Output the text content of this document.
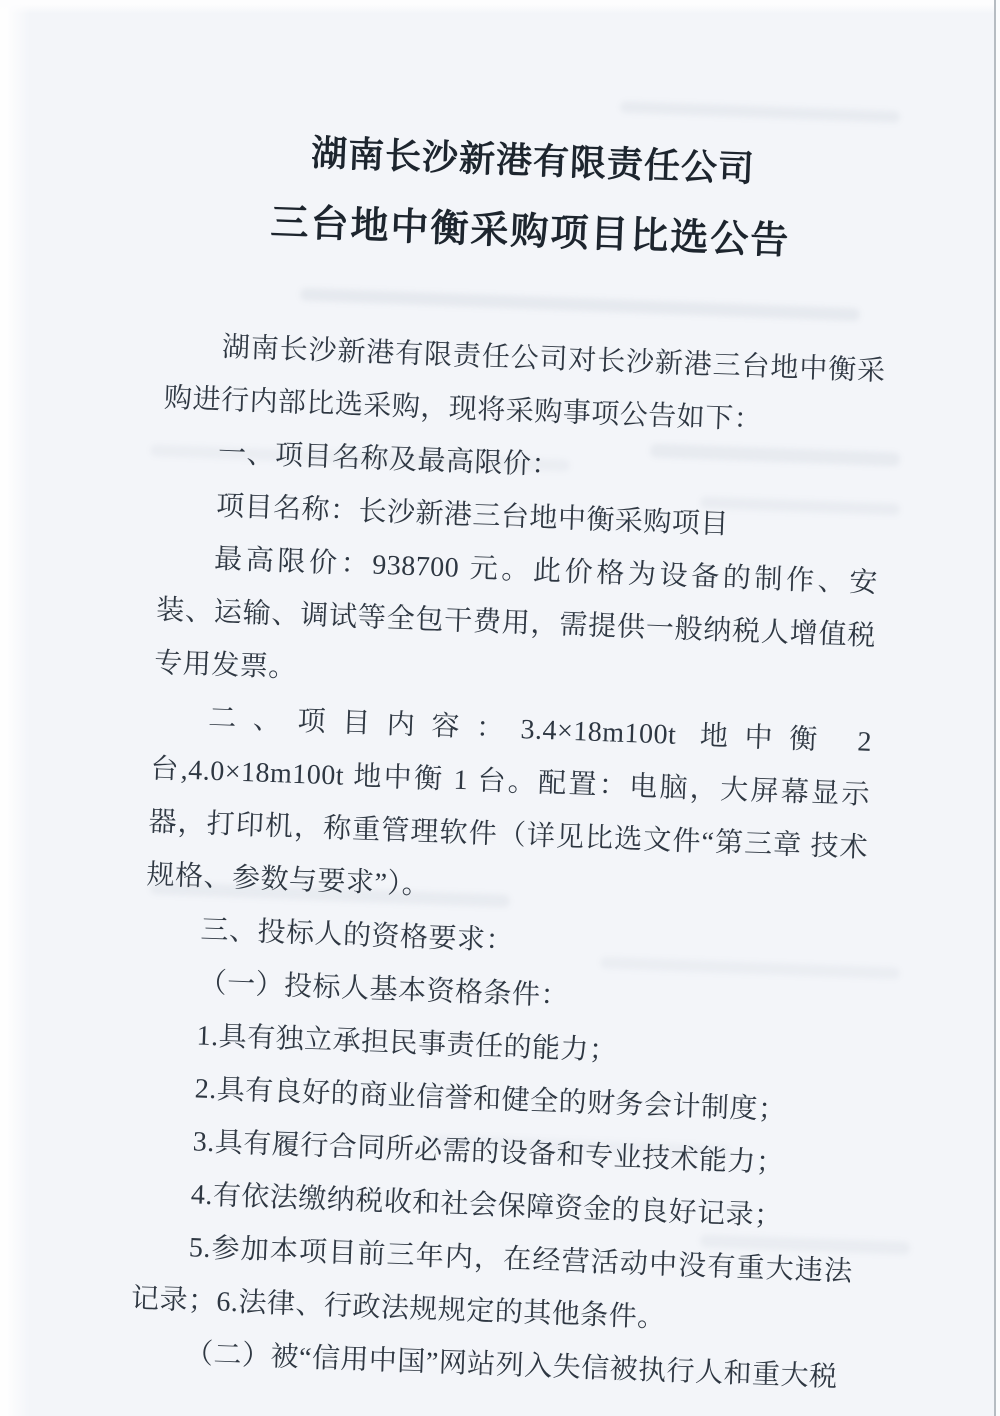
湖南长沙新港有限责任公司
三台地中衡采购项目比选公告

湖南长沙新港有限责任公司对长沙新港三台地中衡采购进行内部比选采购，现将采购事项公告如下：

一、项目名称及最高限价：

项目名称：长沙新港三台地中衡采购项目

最高限价：938700 元。此价格为设备的制作、安装、运输、调试等全包干费用，需提供一般纳税人增值税专用发票。

二、项目内容：3.4×18m100t 地中衡 2 台,4.0×18m100t 地中衡 1 台。配置：电脑，大屏幕显示器，打印机，称重管理软件（详见比选文件“第三章 技术规格、参数与要求”）。

三、投标人的资格要求：

（一）投标人基本资格条件：

1.具有独立承担民事责任的能力；

2.具有良好的商业信誉和健全的财务会计制度；

3.具有履行合同所必需的设备和专业技术能力；

4.有依法缴纳税收和社会保障资金的良好记录；

5.参加本项目前三年内，在经营活动中没有重大违法记录；6.法律、行政法规规定的其他条件。

（二）被“信用中国”网站列入失信被执行人和重大税
